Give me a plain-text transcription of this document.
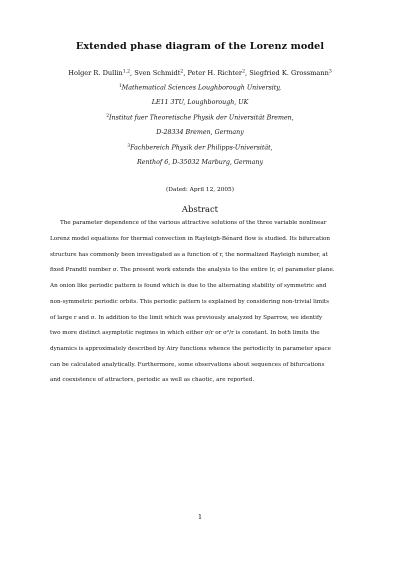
Extended phase diagram of the Lorenz model
Holger R. Dullin$^{1,2}$, Sven Schmidt$^2$, Peter H. Richter$^2$, Siegfried K. Grossmann$^3$
$^1$Mathematical Sciences Loughborough University,
LE11 3TU, Loughborough, UK
$^2$Institut fuer Theoretische Physik der Universität Bremen,
D-28334 Bremen, Germany
$^3$Fachbereich Physik der Philipps-Universität,
Renthof 6, D-35032 Marburg, Germany
(Dated: April 12, 2005)
Abstract
The parameter dependence of the various attractive solutions of the three variable nonlinear
Lorenz model equations for thermal convection in Rayleigh-Bénard flow is studied. Its bifurcation
structure has commonly been investigated as a function of r, the normalized Rayleigh number, at
fixed Prandtl number σ. The present work extends the analysis to the entire (r, σ) parameter plane.
An onion like periodic pattern is found which is due to the alternating stability of symmetric and
non-symmetric periodic orbits. This periodic pattern is explained by considering non-trivial limits
of large r and σ. In addition to the limit which was previously analyzed by Sparrow, we identify
two more distinct asymptotic regimes in which either σ/r or σ²/r is constant. In both limits the
dynamics is approximately described by Airy functions whence the periodicity in parameter space
can be calculated analytically. Furthermore, some observations about sequences of bifurcations
and coexistence of attractors, periodic as well as chaotic, are reported.
1
